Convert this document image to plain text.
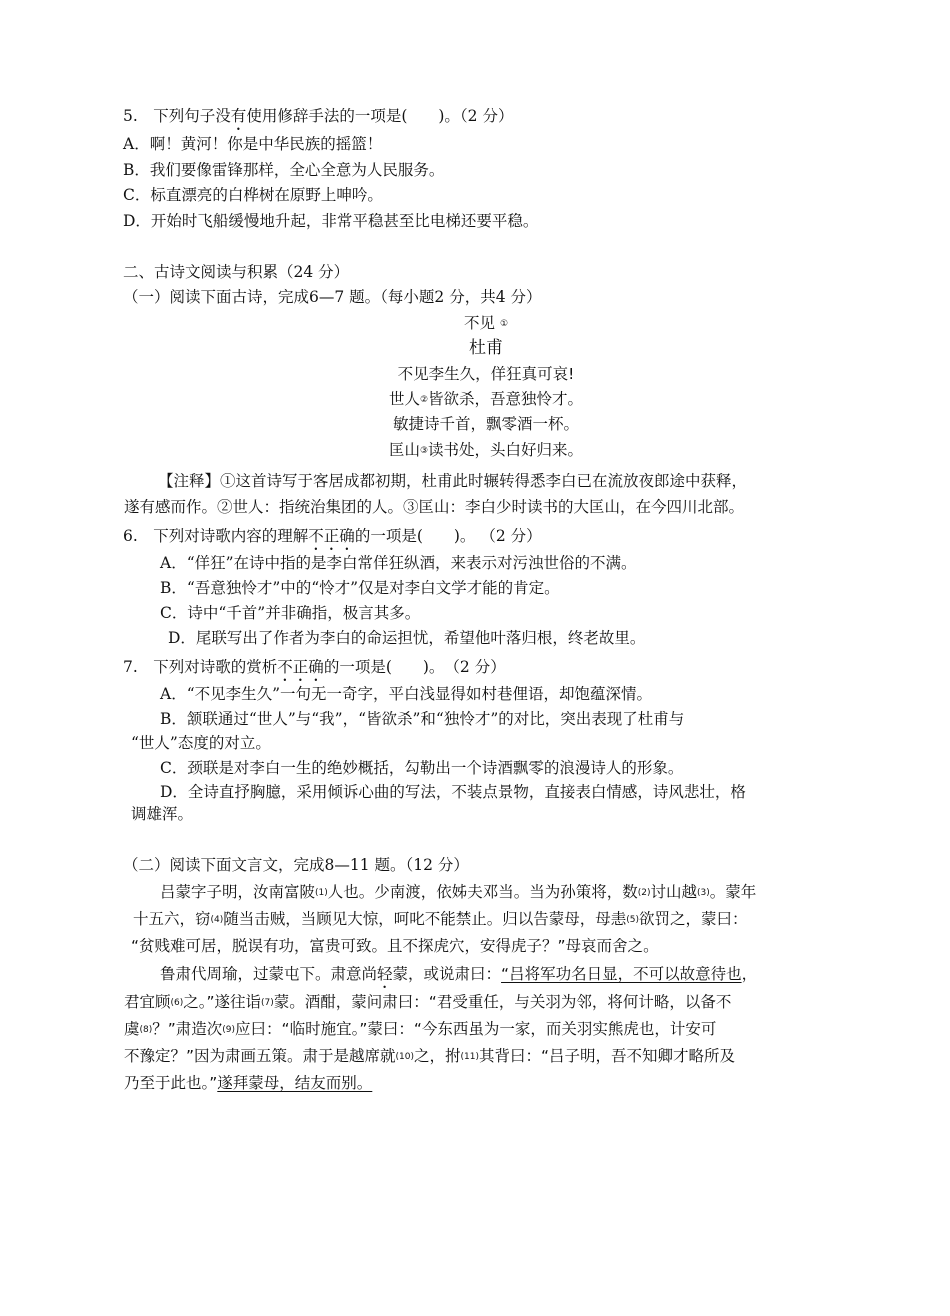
5.　下列句子没有使用修辞手法的一项是(　　)。（2 分）
A．啊！黄河！你是中华民族的摇篮！
B．我们要像雷锋那样，全心全意为人民服务。
C．标直漂亮的白桦树在原野上呻吟。
D．开始时飞船缓慢地升起，非常平稳甚至比电梯还要平稳。
二、古诗文阅读与积累（24 分）
（一）阅读下面古诗，完成6—7 题。（每小题2 分，共4 分）
不见 ①
杜甫
不见李生久，佯狂真可哀!
世人②皆欲杀，吾意独怜才。
敏捷诗千首，飘零酒一杯。
匡山③读书处，头白好归来。
【注释】①这首诗写于客居成都初期，杜甫此时辗转得悉李白已在流放夜郎途中获释，
遂有感而作。②世人：指统治集团的人。③匡山：李白少时读书的大匡山，在今四川北部。
6.　下列对诗歌内容的理解不正确的一项是(　　)。 （2 分）
A．“佯狂”在诗中指的是李白常佯狂纵酒，来表示对污浊世俗的不满。
B．“吾意独怜才”中的“怜才”仅是对李白文学才能的肯定。
C．诗中“千首”并非确指，极言其多。
D．尾联写出了作者为李白的命运担忧，希望他叶落归根，终老故里。
7.　下列对诗歌的赏析不正确的一项是(　　)。　（2 分）
A．“不见李生久”一句无一奇字，平白浅显得如村巷俚语，却饱蕴深情。
B．颔联通过“世人”与“我”，“皆欲杀”和“独怜才”的对比，突出表现了杜甫与
“世人”态度的对立。
C．颈联是对李白一生的绝妙概括，勾勒出一个诗酒飘零的浪漫诗人的形象。
D．全诗直抒胸臆，采用倾诉心曲的写法，不装点景物，直接表白情感，诗风悲壮，格
调雄浑。
（二）阅读下面文言文，完成8—11 题。（12 分）
吕蒙字子明，汝南富陂$^{(1)}$人也。少南渡，依姊夫邓当。当为孙策将，数$^{(2)}$讨山越$^{(3)}$。蒙年
十五六，窃$^{(4)}$随当击贼，当顾见大惊，呵叱不能禁止。归以告蒙母，母恚$^{(5)}$欲罚之，蒙曰：
“贫贱难可居，脱误有功，富贵可致。且不探虎穴，安得虎子？”母哀而舍之。
鲁肃代周瑜，过蒙屯下。肃意尚轻蒙，或说肃曰：“吕将军功名日显，不可以故意待也，
君宜顾$^{(6)}$之。”遂往诣$^{(7)}$蒙。酒酣，蒙问肃曰：“君受重任，与关羽为邻，将何计略，以备不
虞$^{(8)}$？”肃造次$^{(9)}$应曰：“临时施宜。”蒙曰：“今东西虽为一家，而关羽实熊虎也，计安可
不豫定？”因为肃画五策。肃于是越席就$^{(10)}$之，拊$^{(11)}$其背曰：“吕子明，吾不知卿才略所及
乃至于此也。”遂拜蒙母，结友而别。
